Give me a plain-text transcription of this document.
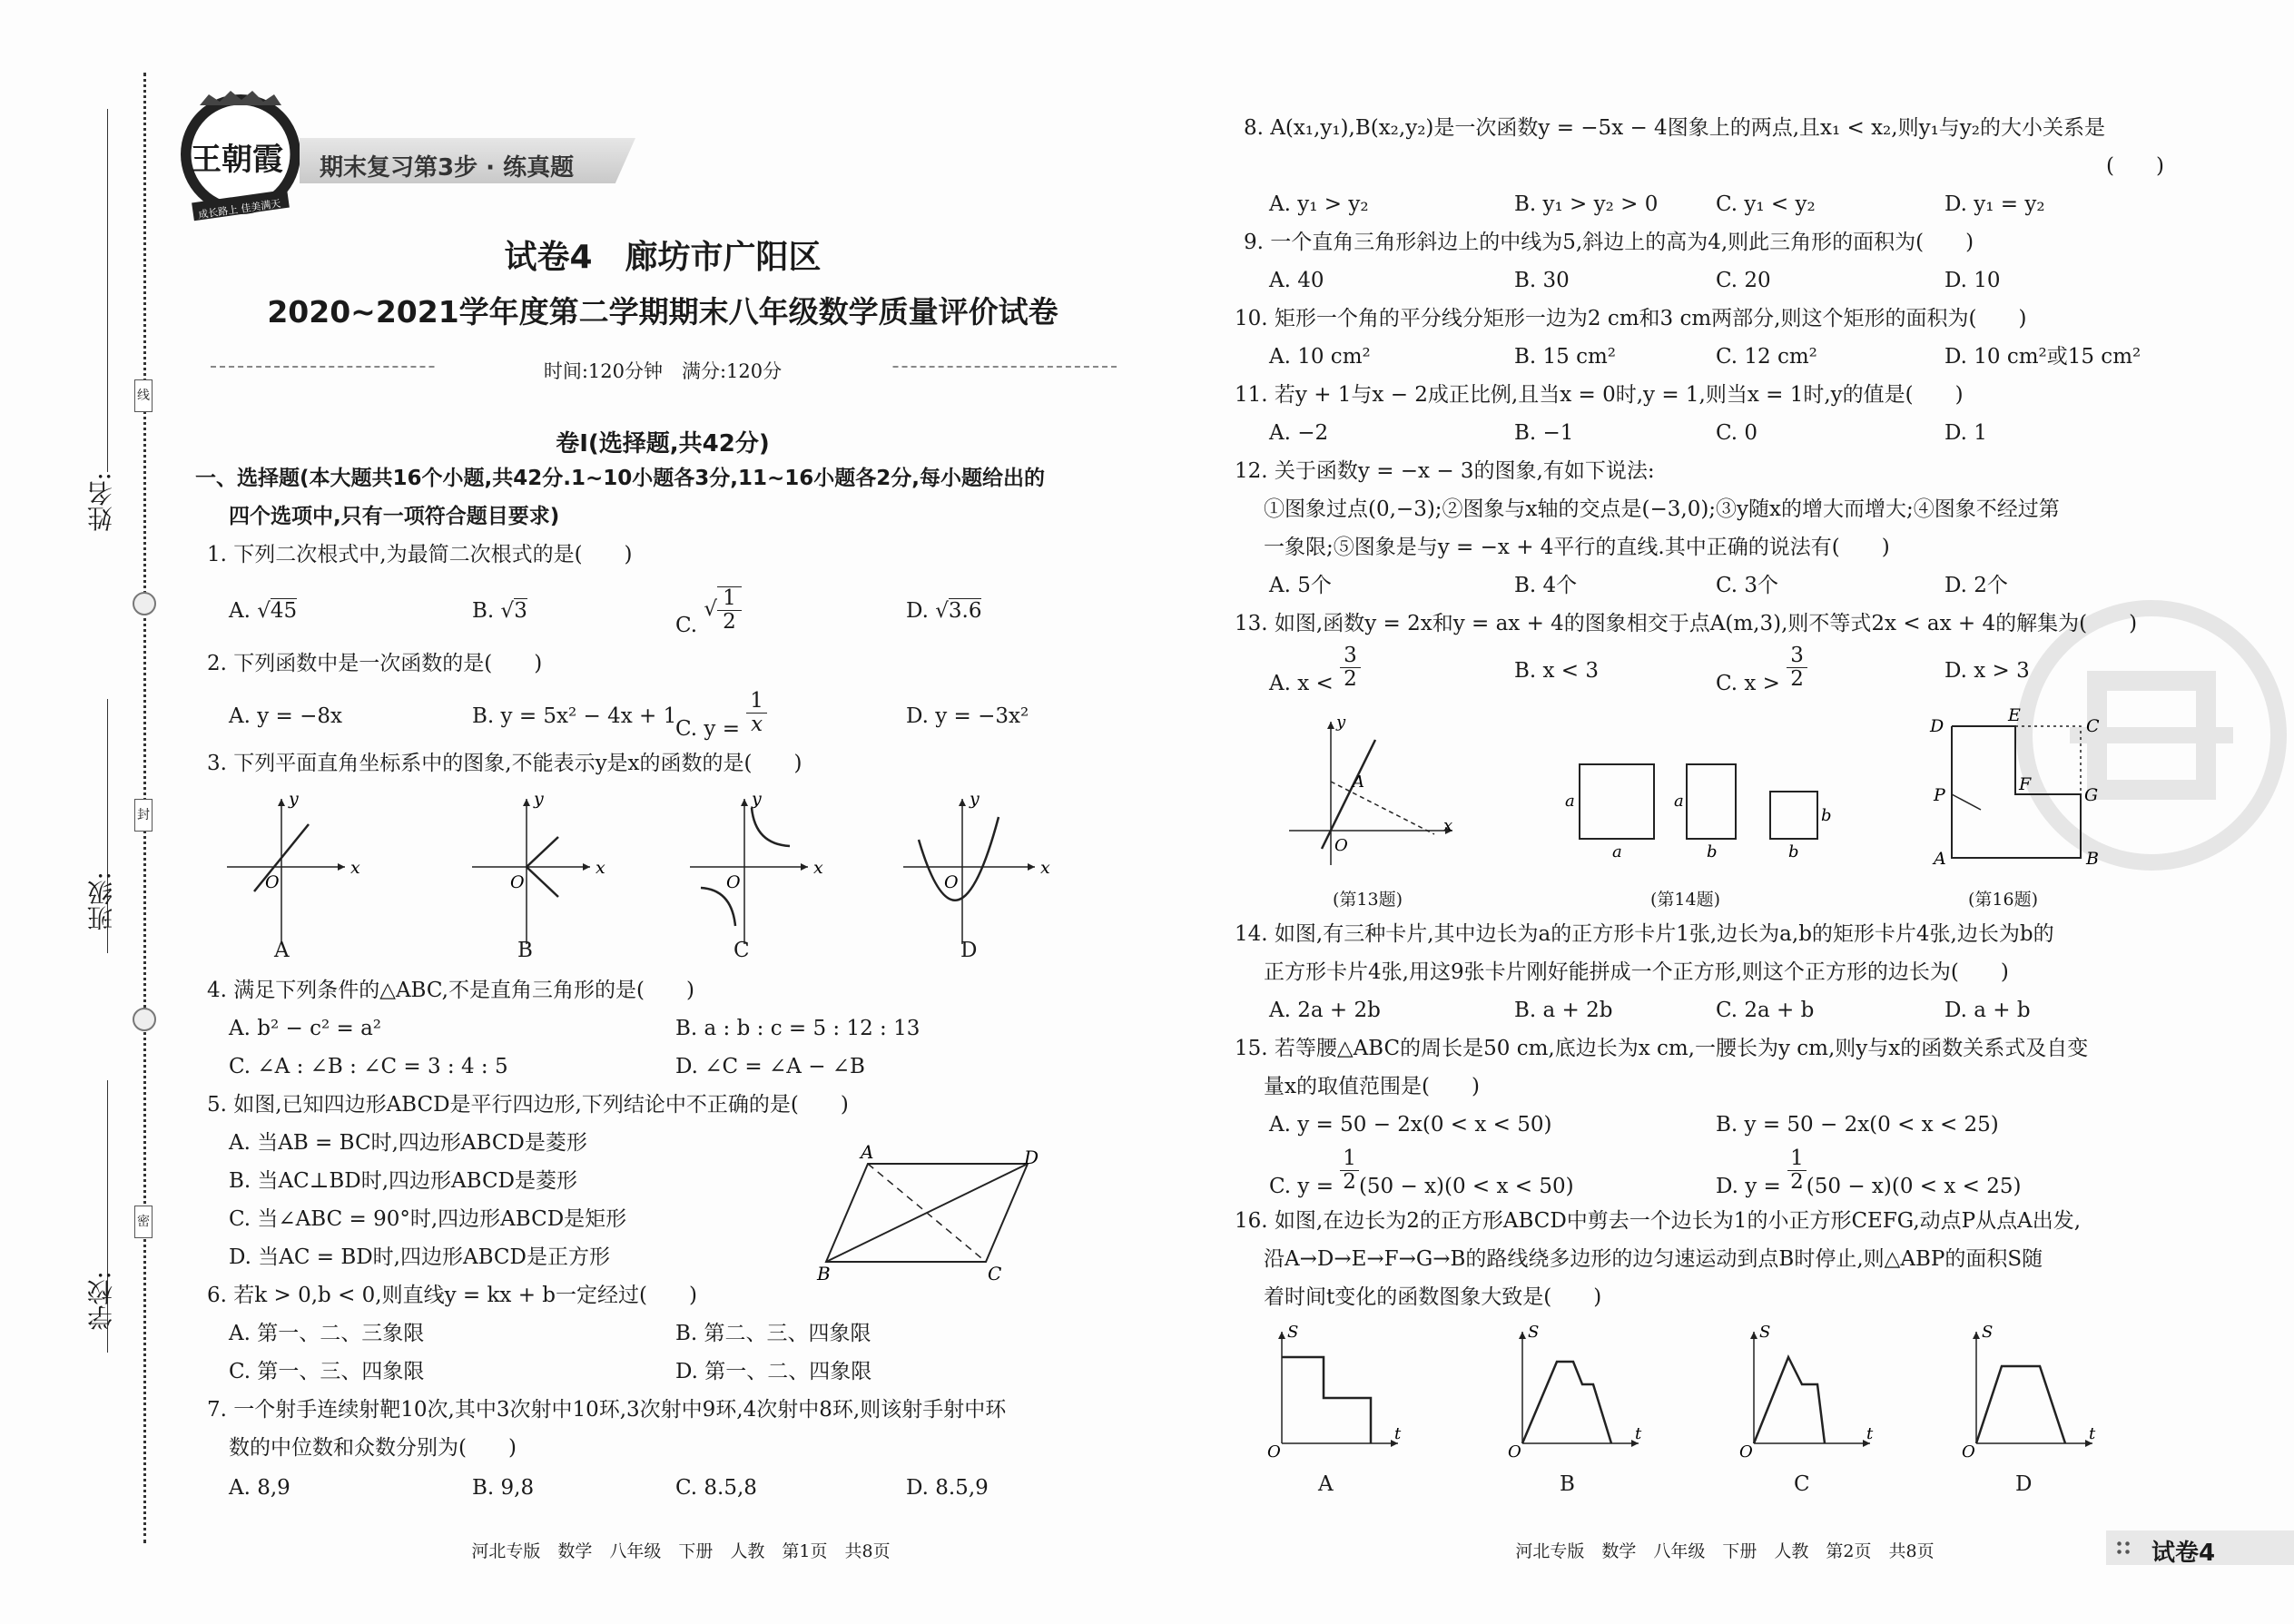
姓名:
班级:
学校:
线
封
密
王朝霞
成长路上 佳美满天
期末复习第3步 · 练真题
试卷4　廊坊市广阳区
2020~2021学年度第二学期期末八年级数学质量评价试卷
时间:120分钟　满分:120分
卷Ⅰ(选择题,共42分)
一、选择题(本大题共16个小题,共42分.1~10小题各3分,11~16小题各2分,每小题给出的
四个选项中,只有一项符合题目要求)
1. 下列二次根式中,为最简二次根式的是(　　)
A. √45	B. √3
C. √ $\frac{1}{2}$	D. √3.6
2. 下列函数中是一次函数的是(　　)
A. y = −8x	B. y = 5x² − 4x + 1
C. $y = \frac{1}{x}$	D. y = −3x²
3. 下列平面直角坐标系中的图象,不能表示y是x的函数的是(　　)
x
y
O
x
y
O
x
y
O
x
y
O
A	B	C	D
4. 满足下列条件的△ABC,不是直角三角形的是(　　)
A. b² − c² = a²	B. a : b : c = 5 : 12 : 13
C. ∠A : ∠B : ∠C = 3 : 4 : 5	D. ∠C = ∠A − ∠B
5. 如图,已知四边形ABCD是平行四边形,下列结论中不正确的是(　　)
A. 当AB = BC时,四边形ABCD是菱形
B. 当AC⊥BD时,四边形ABCD是菱形
C. 当∠ABC = 90°时,四边形ABCD是矩形
D. 当AC = BD时,四边形ABCD是正方形
A	D
B	C
6. 若k > 0,b < 0,则直线y = kx + b一定经过(　　)
A. 第一、二、三象限	B. 第二、三、四象限
C. 第一、三、四象限	D. 第一、二、四象限
7. 一个射手连续射靶10次,其中3次射中10环,3次射中9环,4次射中8环,则该射手射中环
数的中位数和众数分别为(　　)
A. 8,9	B. 9,8	C. 8.5,8	D. 8.5,9
河北专版　数学　八年级　下册　人教　第1页　共8页
8. A(x₁,y₁),B(x₂,y₂)是一次函数y = −5x − 4图象上的两点,且x₁ < x₂,则y₁与y₂的大小关系是
(　　)
A. y₁ > y₂	B. y₁ > y₂ > 0	C. y₁ < y₂	D. y₁ = y₂
9. 一个直角三角形斜边上的中线为5,斜边上的高为4,则此三角形的面积为(　　)
A. 40	B. 30	C. 20	D. 10
10. 矩形一个角的平分线分矩形一边为2 cm和3 cm两部分,则这个矩形的面积为(　　)
A. 10 cm²	B. 15 cm²	C. 12 cm²	D. 10 cm²或15 cm²
11. 若y + 1与x − 2成正比例,且当x = 0时,y = 1,则当x = 1时,y的值是(　　)
A. −2	B. −1	C. 0	D. 1
12. 关于函数y = −x − 3的图象,有如下说法:
①图象过点(0,−3);②图象与x轴的交点是(−3,0);③y随x的增大而增大;④图象不经过第
一象限;⑤图象是与y = −x + 4平行的直线.其中正确的说法有(　　)
A. 5个	B. 4个	C. 3个	D. 2个
13. 如图,函数y = 2x和y = ax + 4的图象相交于点A(m,3),则不等式2x < ax + 4的解集为(　　)
A. $x < \frac{3}{2}$	B. x < 3
C. $x > \frac{3}{2}$	D. x > 3
y
x
O
A
a
a
a
b
b
b
D
E
C
F
G
P
A	B
(第13题)	(第14题)	(第16题)
14. 如图,有三种卡片,其中边长为a的正方形卡片1张,边长为a,b的矩形卡片4张,边长为b的
正方形卡片4张,用这9张卡片刚好能拼成一个正方形,则这个正方形的边长为(　　)
A. 2a + 2b	B. a + 2b	C. 2a + b	D. a + b
15. 若等腰△ABC的周长是50 cm,底边长为x cm,一腰长为y cm,则y与x的函数关系式及自变
量x的取值范围是(　　)
A. y = 50 − 2x(0 < x < 50)	B. y = 50 − 2x(0 < x < 25)
C. $y = \frac{1}{2} (50 - x)(0 < x < 50)$	D. $y = \frac{1}{2} (50 - x)(0 < x < 25)$
16. 如图,在边长为2的正方形ABCD中剪去一个边长为1的小正方形CEFG,动点P从点A出发,
沿A→D→E→F→G→B的路线绕多边形的边匀速运动到点B时停止,则△ABP的面积S随
着时间t变化的函数图象大致是(　　)
O
S
t
O
S
t
O
S
t
O
S
t
A	B	C	D
河北专版　数学　八年级　下册　人教　第2页　共8页	试卷4
